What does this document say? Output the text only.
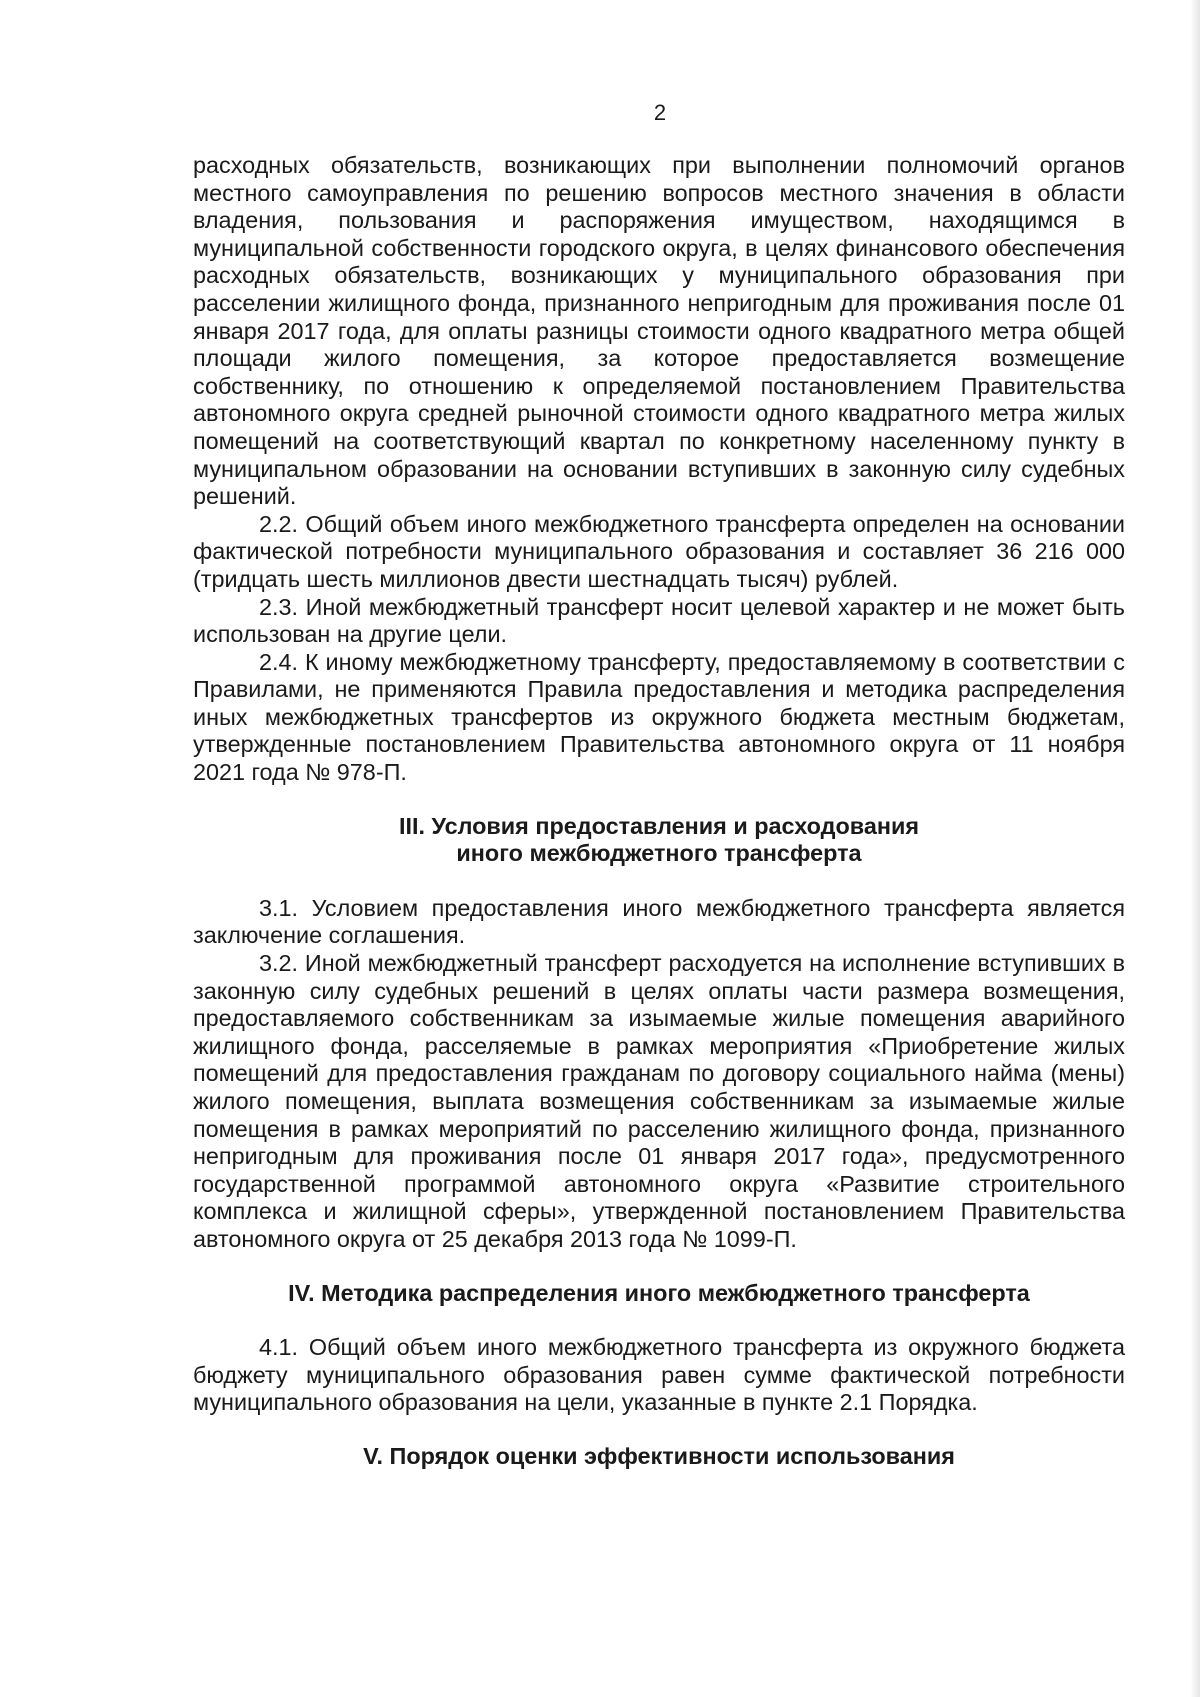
2

расходных обязательств, возникающих при выполнении полномочий органов местного самоуправления по решению вопросов местного значения в области владения, пользования и распоряжения имуществом, находящимся в муниципальной собственности городского округа, в целях финансового обеспечения расходных обязательств, возникающих у муниципального образования при расселении жилищного фонда, признанного непригодным для проживания после 01 января 2017 года, для оплаты разницы стоимости одного квадратного метра общей площади жилого помещения, за которое предоставляется возмещение собственнику, по отношению к определяемой постановлением Правительства автономного округа средней рыночной стоимости одного квадратного метра жилых помещений на соответствующий квартал по конкретному населенному пункту в муниципальном образовании на основании вступивших в законную силу судебных решений.

2.2. Общий объем иного межбюджетного трансферта определен на основании фактической потребности муниципального образования и составляет 36 216 000 (тридцать шесть миллионов двести шестнадцать тысяч) рублей.

2.3. Иной межбюджетный трансферт носит целевой характер и не может быть использован на другие цели.

2.4. К иному межбюджетному трансферту, предоставляемому в соответствии с Правилами, не применяются Правила предоставления и методика распределения иных межбюджетных трансфертов из окружного бюджета местным бюджетам, утвержденные постановлением Правительства автономного округа от 11 ноября 2021 года № 978-П.

III. Условия предоставления и расходования
иного межбюджетного трансферта

3.1. Условием предоставления иного межбюджетного трансферта является заключение соглашения.

3.2. Иной межбюджетный трансферт расходуется на исполнение вступивших в законную силу судебных решений в целях оплаты части размера возмещения, предоставляемого собственникам за изымаемые жилые помещения аварийного жилищного фонда, расселяемые в рамках мероприятия «Приобретение жилых помещений для предоставления гражданам по договору социального найма (мены) жилого помещения, выплата возмещения собственникам за изымаемые жилые помещения в рамках мероприятий по расселению жилищного фонда, признанного непригодным для проживания после 01 января 2017 года», предусмотренного государственной программой автономного округа «Развитие строительного комплекса и жилищной сферы», утвержденной постановлением Правительства автономного округа от 25 декабря 2013 года № 1099-П.

IV. Методика распределения иного межбюджетного трансферта

4.1. Общий объем иного межбюджетного трансферта из окружного бюджета бюджету муниципального образования равен сумме фактической потребности муниципального образования на цели, указанные в пункте 2.1 Порядка.

V. Порядок оценки эффективности использования
